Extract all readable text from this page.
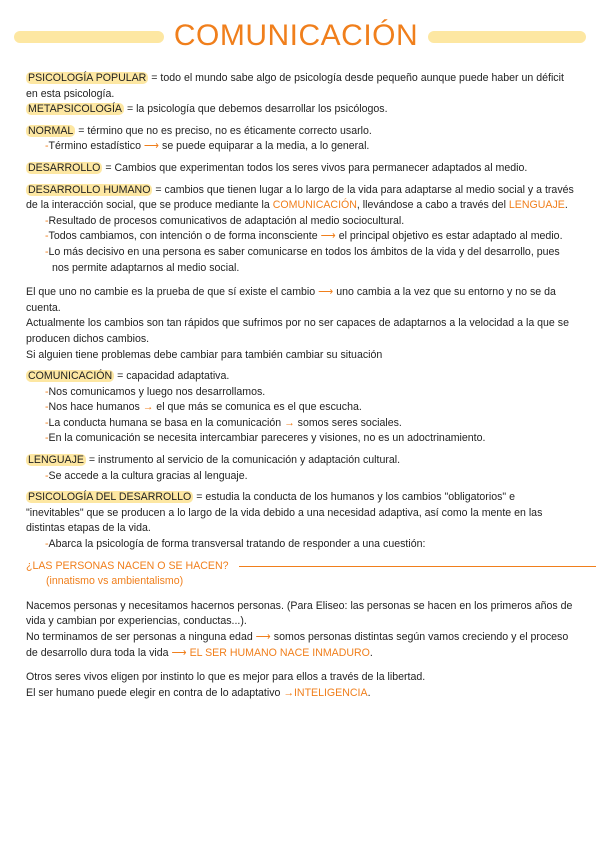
COMUNICACIÓN

PSICOLOGÍA POPULAR = todo el mundo sabe algo de psicología desde pequeño aunque puede haber un déficit en esta psicología.

METAPSICOLOGÍA = la psicología que debemos desarrollar los psicólogos.

NORMAL = término que no es preciso, no es éticamente correcto usarlo.

-Término estadístico ⟶ se puede equiparar a la media, a lo general.

DESARROLLO = Cambios que experimentan todos los seres vivos para permanecer adaptados al medio.

DESARROLLO HUMANO = cambios que tienen lugar a lo largo de la vida para adaptarse al medio social y a través de la interacción social, que se produce mediante la COMUNICACIÓN, llevándose a cabo a través del LENGUAJE.

-Resultado de procesos comunicativos de adaptación al medio sociocultural.

-Todos cambiamos, con intención o de forma inconsciente ⟶ el principal objetivo es estar adaptado al medio.

-Lo más decisivo en una persona es saber comunicarse en todos los ámbitos de la vida y del desarrollo, pues nos permite adaptarnos al medio social.

El que uno no cambie es la prueba de que sí existe el cambio ⟶ uno cambia a la vez que su entorno y no se da cuenta.

Actualmente los cambios son tan rápidos que sufrimos por no ser capaces de adaptarnos a la velocidad a la que se producen dichos cambios.

Si alguien tiene problemas debe cambiar para también cambiar su situación

COMUNICACIÓN = capacidad adaptativa.

-Nos comunicamos y luego nos desarrollamos.

-Nos hace humanos → el que más se comunica es el que escucha.

-La conducta humana se basa en la comunicación → somos seres sociales.

-En la comunicación se necesita intercambiar pareceres y visiones, no es un adoctrinamiento.

LENGUAJE = instrumento al servicio de la comunicación y adaptación cultural.

-Se accede a la cultura gracias al lenguaje.

PSICOLOGÍA DEL DESARROLLO = estudia la conducta de los humanos y los cambios "obligatorios" e "inevitables" que se producen a lo largo de la vida debido a una necesidad adaptiva, así como la mente en las distintas etapas de la vida.

-Abarca la psicología de forma transversal tratando de responder a una cuestión:

¿LAS PERSONAS NACEN O SE HACEN?

(innatismo vs ambientalismo)

Nacemos personas y necesitamos hacernos personas. (Para Eliseo: las personas se hacen en los primeros años de vida y cambian por experiencias, conductas...).

No terminamos de ser personas a ninguna edad ⟶ somos personas distintas según vamos creciendo y el proceso de desarrollo dura toda la vida ⟶ EL SER HUMANO NACE INMADURO.

Otros seres vivos eligen por instinto lo que es mejor para ellos a través de la libertad.

El ser humano puede elegir en contra de lo adaptativo →INTELIGENCIA.
